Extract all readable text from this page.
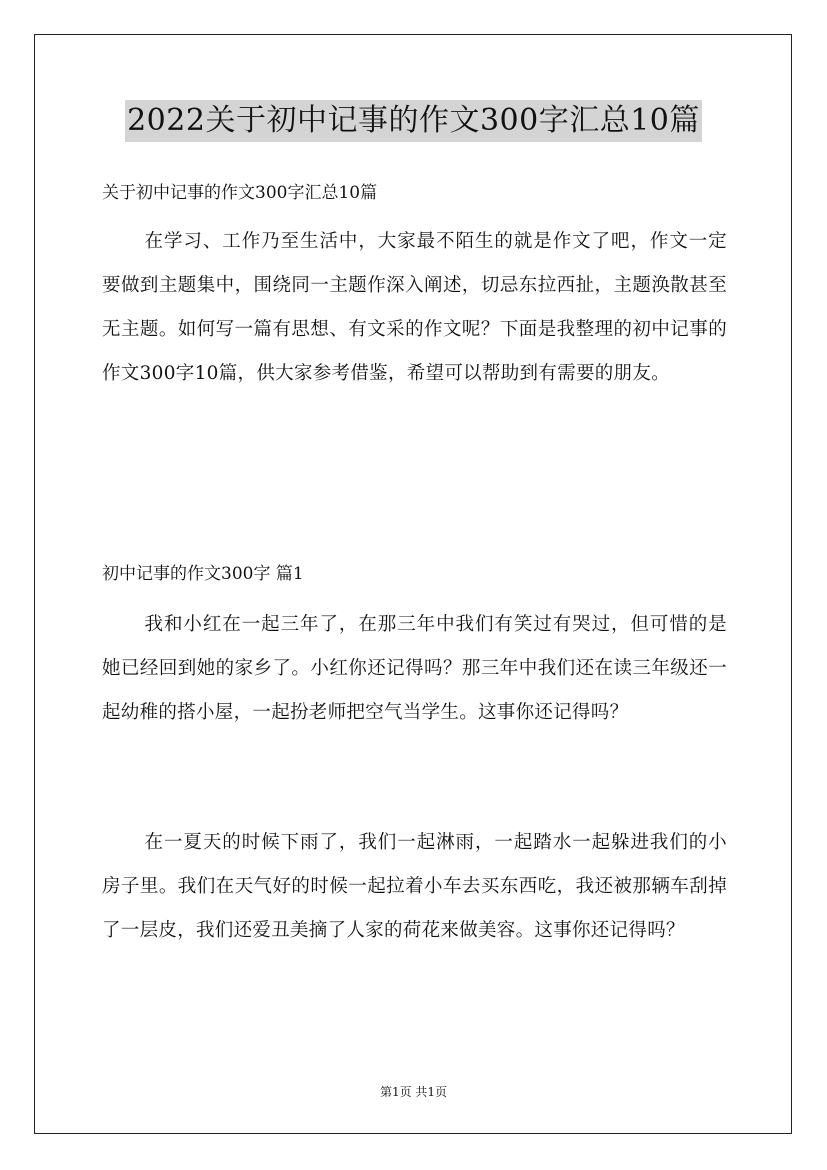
2022关于初中记事的作文300字汇总10篇
关于初中记事的作文300字汇总10篇

在学习、工作乃至生活中，大家最不陌生的就是作文了吧，作文一定要做到主题集中，围绕同一主题作深入阐述，切忌东拉西扯，主题涣散甚至无主题。如何写一篇有思想、有文采的作文呢？下面是我整理的初中记事的作文300字10篇，供大家参考借鉴，希望可以帮助到有需要的朋友。

初中记事的作文300字 篇1

我和小红在一起三年了，在那三年中我们有笑过有哭过，但可惜的是她已经回到她的家乡了。小红你还记得吗？那三年中我们还在读三年级还一起幼稚的搭小屋，一起扮老师把空气当学生。这事你还记得吗？

在一夏天的时候下雨了，我们一起淋雨，一起踏水一起躲进我们的小房子里。我们在天气好的时候一起拉着小车去买东西吃，我还被那辆车刮掉了一层皮，我们还爱丑美摘了人家的荷花来做美容。这事你还记得吗？

第1页 共1页
